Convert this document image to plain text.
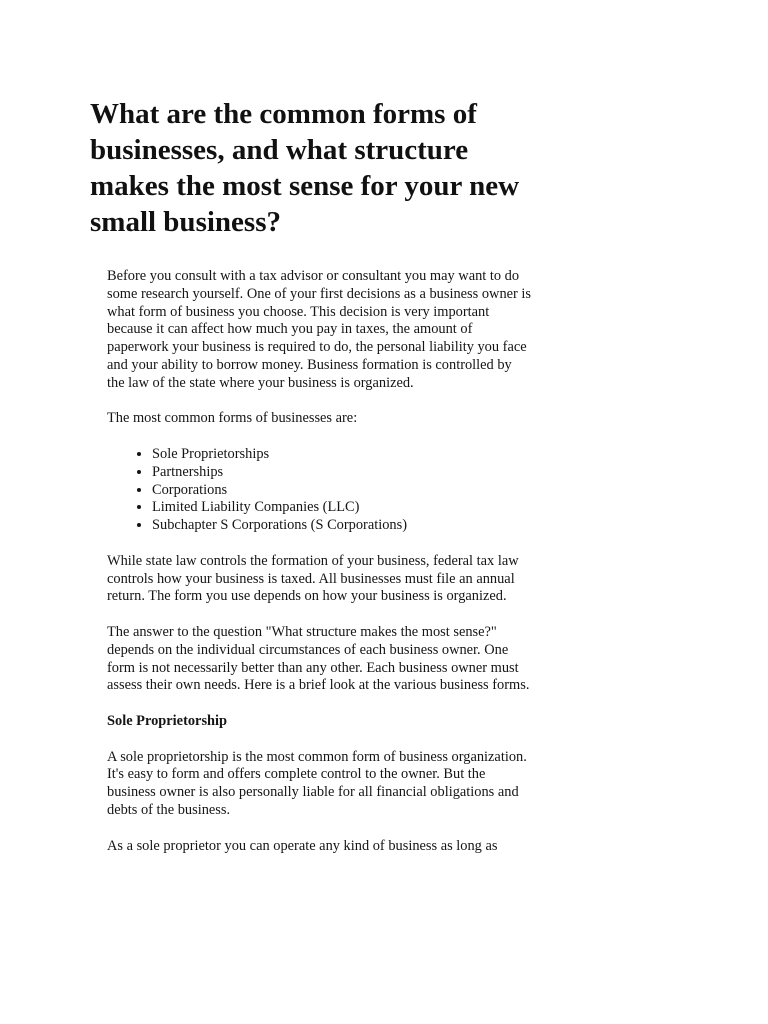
What are the common forms of businesses, and what structure makes the most sense for your new small business?

Before you consult with a tax advisor or consultant you may want to do some research yourself. One of your first decisions as a business owner is what form of business you choose. This decision is very important because it can affect how much you pay in taxes, the amount of paperwork your business is required to do, the personal liability you face and your ability to borrow money. Business formation is controlled by the law of the state where your business is organized.

The most common forms of businesses are:

• Sole Proprietorships
• Partnerships
• Corporations
• Limited Liability Companies (LLC)
• Subchapter S Corporations (S Corporations)

While state law controls the formation of your business, federal tax law controls how your business is taxed. All businesses must file an annual return. The form you use depends on how your business is organized.

The answer to the question "What structure makes the most sense?" depends on the individual circumstances of each business owner. One form is not necessarily better than any other. Each business owner must assess their own needs. Here is a brief look at the various business forms.

Sole Proprietorship

A sole proprietorship is the most common form of business organization. It's easy to form and offers complete control to the owner. But the business owner is also personally liable for all financial obligations and debts of the business.

As a sole proprietor you can operate any kind of business as long as
